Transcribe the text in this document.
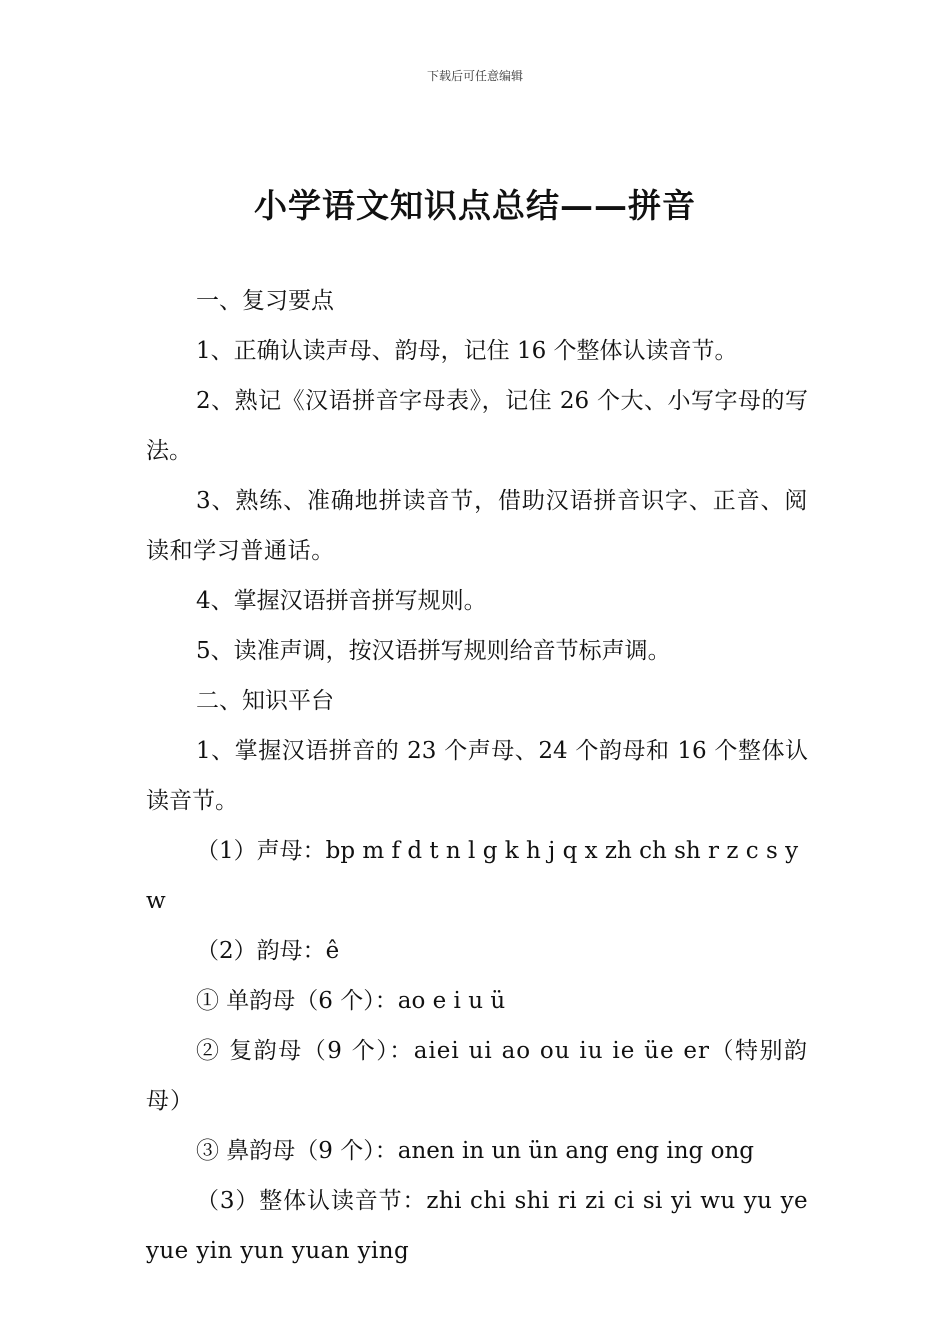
下载后可任意编辑
小学语文知识点总结——拼音

一、复习要点

1、正确认读声母、韵母，记住 16 个整体认读音节。

2、熟记《汉语拼音字母表》，记住 26 个大、小写字母的写法。

3、熟练、准确地拼读音节，借助汉语拼音识字、正音、阅读和学习普通话。

4、掌握汉语拼音拼写规则。

5、读准声调，按汉语拼写规则给音节标声调。

二、知识平台

1、掌握汉语拼音的 23 个声母、24 个韵母和 16 个整体认读音节。

（1）声母：bp m f d t n l g k h j q x zh ch sh r z c s y w

（2）韵母：ê

① 单韵母（6 个）：ao e i u ü

② 复韵母（9 个）：aiei ui ao ou iu ie üe er（特别韵母）

③ 鼻韵母（9 个）：anen in un ün ang eng ing ong

（3）整体认读音节：zhi chi shi ri zi ci si yi wu yu ye yue yin yun yuan ying
